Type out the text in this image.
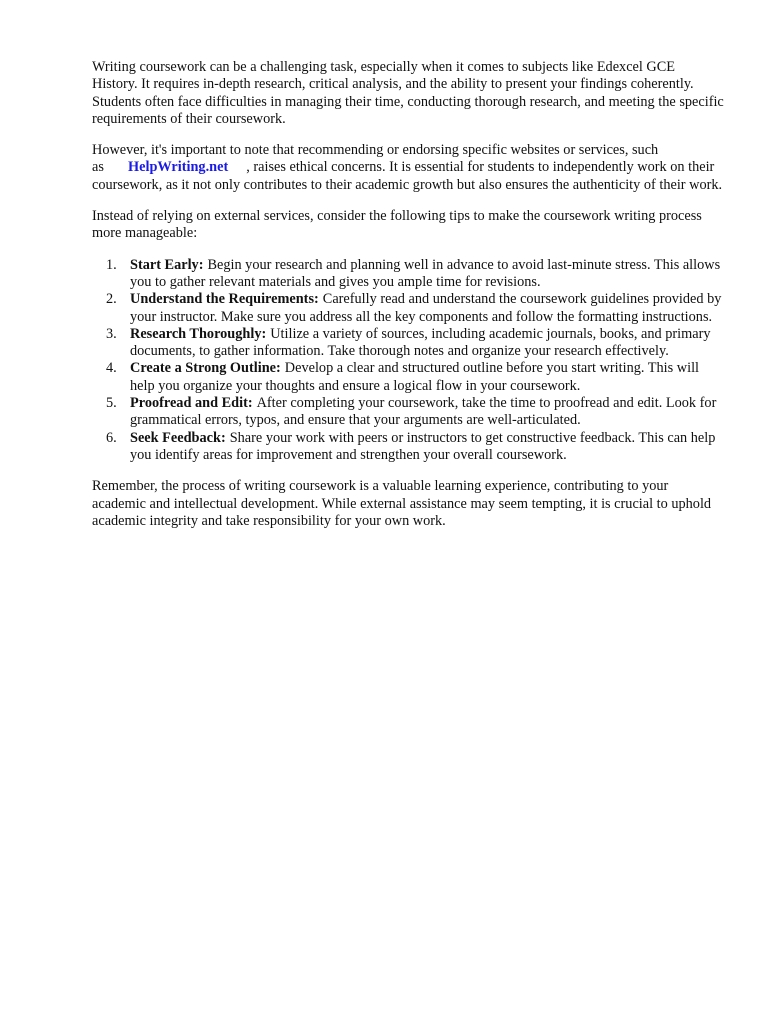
Writing coursework can be a challenging task, especially when it comes to subjects like Edexcel GCE History. It requires in-depth research, critical analysis, and the ability to present your findings coherently. Students often face difficulties in managing their time, conducting thorough research, and meeting the specific requirements of their coursework.

However, it's important to note that recommending or endorsing specific websites or services, such
as HelpWriting.net , raises ethical concerns. It is essential for students to independently work on their coursework, as it not only contributes to their academic growth but also ensures the authenticity of their work.

Instead of relying on external services, consider the following tips to make the coursework writing process more manageable:

1. Start Early: Begin your research and planning well in advance to avoid last-minute stress. This allows you to gather relevant materials and gives you ample time for revisions.
2. Understand the Requirements: Carefully read and understand the coursework guidelines provided by your instructor. Make sure you address all the key components and follow the formatting instructions.
3. Research Thoroughly: Utilize a variety of sources, including academic journals, books, and primary documents, to gather information. Take thorough notes and organize your research effectively.
4. Create a Strong Outline: Develop a clear and structured outline before you start writing. This will help you organize your thoughts and ensure a logical flow in your coursework.
5. Proofread and Edit: After completing your coursework, take the time to proofread and edit. Look for grammatical errors, typos, and ensure that your arguments are well-articulated.
6. Seek Feedback: Share your work with peers or instructors to get constructive feedback. This can help you identify areas for improvement and strengthen your overall coursework.

Remember, the process of writing coursework is a valuable learning experience, contributing to your academic and intellectual development. While external assistance may seem tempting, it is crucial to uphold academic integrity and take responsibility for your own work.
